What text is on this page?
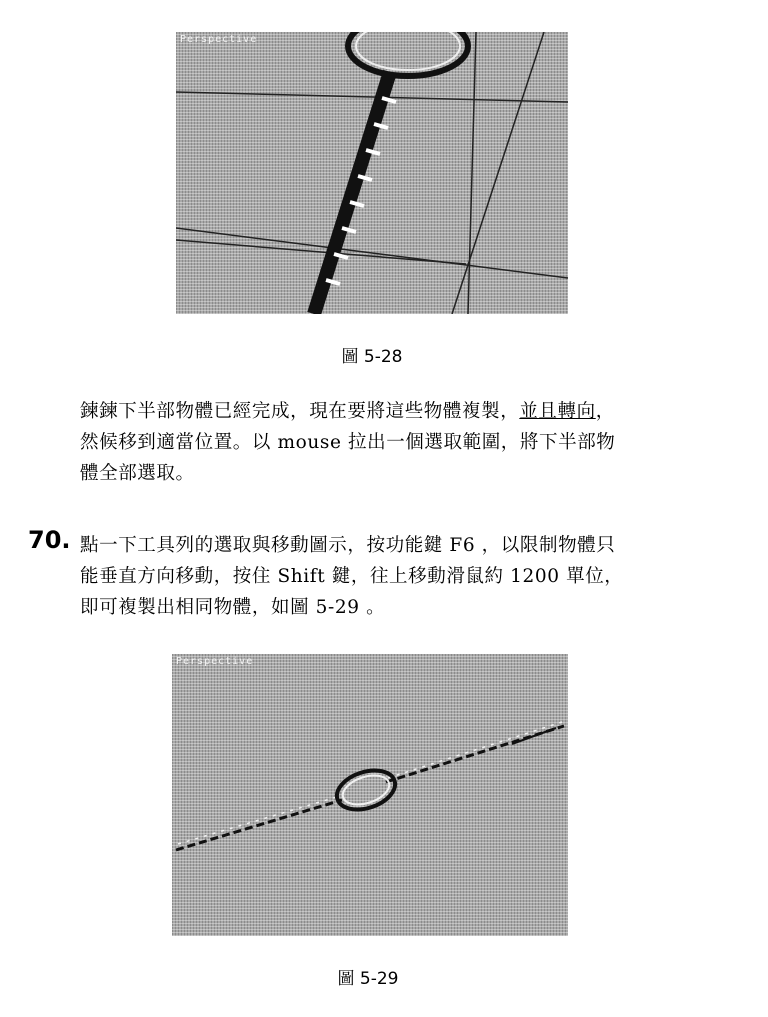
Perspective
圖 5-28
鍊鍊下半部物體已經完成，現在要將這些物體複製，並且轉向，
然候移到適當位置。以 mouse 拉出一個選取範圍，將下半部物
體全部選取。
70. 點一下工具列的選取與移動圖示，按功能鍵 F6 ，以限制物體只
能垂直方向移動，按住 Shift 鍵，往上移動滑鼠約 1200 單位，
即可複製出相同物體，如圖 5-29 。
Perspective
圖 5-29
